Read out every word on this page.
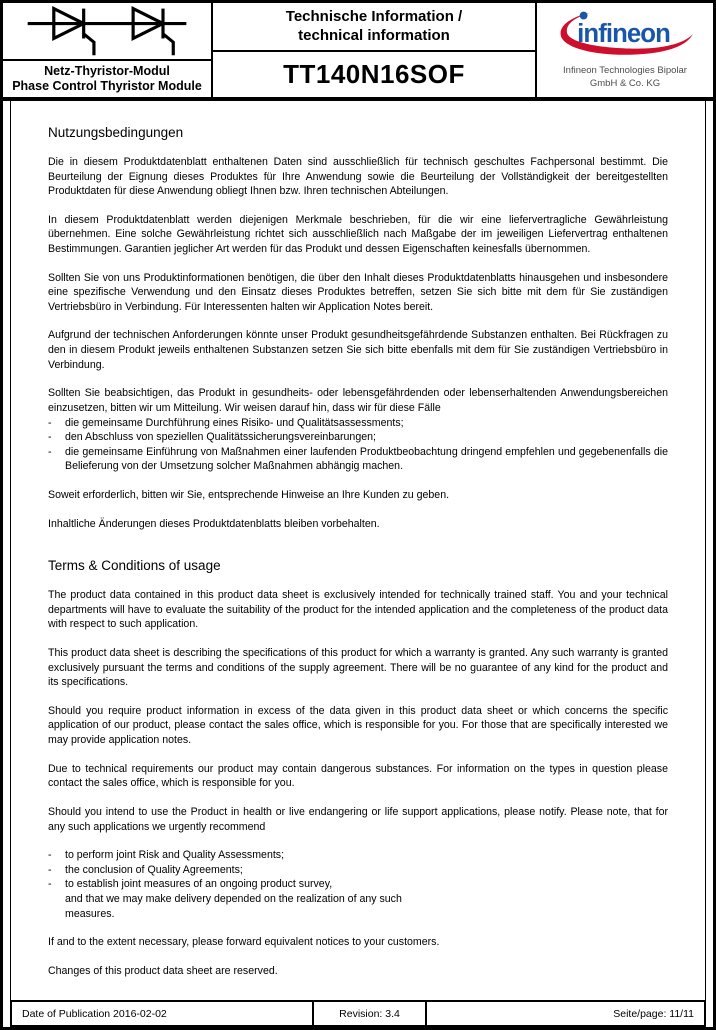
Netz-Thyristor-Modul
Phase Control Thyristor Module
Technische Information /
technical information
TT140N16SOF
infineon
Infineon Technologies Bipolar
GmbH & Co. KG
Nutzungsbedingungen

Die in diesem Produktdatenblatt enthaltenen Daten sind ausschließlich für technisch geschultes Fachpersonal bestimmt. Die Beurteilung der Eignung dieses Produktes für Ihre Anwendung sowie die Beurteilung der Vollständigkeit der bereitgestellten Produktdaten für diese Anwendung obliegt Ihnen bzw. Ihren technischen Abteilungen.

In diesem Produktdatenblatt werden diejenigen Merkmale beschrieben, für die wir eine liefervertragliche Gewährleistung übernehmen. Eine solche Gewährleistung richtet sich ausschließlich nach Maßgabe der im jeweiligen Liefervertrag enthaltenen Bestimmungen. Garantien jeglicher Art werden für das Produkt und dessen Eigenschaften keinesfalls übernommen.

Sollten Sie von uns Produktinformationen benötigen, die über den Inhalt dieses Produktdatenblatts hinausgehen und insbesondere eine spezifische Verwendung und den Einsatz dieses Produktes betreffen, setzen Sie sich bitte mit dem für Sie zuständigen Vertriebsbüro in Verbindung. Für Interessenten halten wir Application Notes bereit.

Aufgrund der technischen Anforderungen könnte unser Produkt gesundheitsgefährdende Substanzen enthalten. Bei Rückfragen zu den in diesem Produkt jeweils enthaltenen Substanzen setzen Sie sich bitte ebenfalls mit dem für Sie zuständigen Vertriebsbüro in Verbindung.

Sollten Sie beabsichtigen, das Produkt in gesundheits- oder lebensgefährdenden oder lebenserhaltenden Anwendungsbereichen einzusetzen, bitten wir um Mitteilung. Wir weisen darauf hin, dass wir für diese Fälle

-	die gemeinsame Durchführung eines Risiko- und Qualitätsassessments;
-	den Abschluss von speziellen Qualitätssicherungsvereinbarungen;
-	die gemeinsame Einführung von Maßnahmen einer laufenden Produktbeobachtung dringend empfehlen und gegebenenfalls die Belieferung von der Umsetzung solcher Maßnahmen abhängig machen.

Soweit erforderlich, bitten wir Sie, entsprechende Hinweise an Ihre Kunden zu geben.

Inhaltliche Änderungen dieses Produktdatenblatts bleiben vorbehalten.

Terms & Conditions of usage

The product data contained in this product data sheet is exclusively intended for technically trained staff. You and your technical departments will have to evaluate the suitability of the product for the intended application and the completeness of the product data with respect to such application.

This product data sheet is describing the specifications of this product for which a warranty is granted. Any such warranty is granted exclusively pursuant the terms and conditions of the supply agreement. There will be no guarantee of any kind for the product and its specifications.

Should you require product information in excess of the data given in this product data sheet or which concerns the specific application of our product, please contact the sales office, which is responsible for you. For those that are specifically interested we may provide application notes.

Due to technical requirements our product may contain dangerous substances. For information on the types in question please contact the sales office, which is responsible for you.

Should you intend to use the Product in health or live endangering or life support applications, please notify. Please note, that for any such applications we urgently recommend

-	to perform joint Risk and Quality Assessments;
-	the conclusion of Quality Agreements;
-	to establish joint measures of an ongoing product survey,
and that we may make delivery depended on the realization of any such
measures.

If and to the extent necessary, please forward equivalent notices to your customers.

Changes of this product data sheet are reserved.

Date of Publication 2016-02-02	Revision: 3.4	Seite/page: 11/11
